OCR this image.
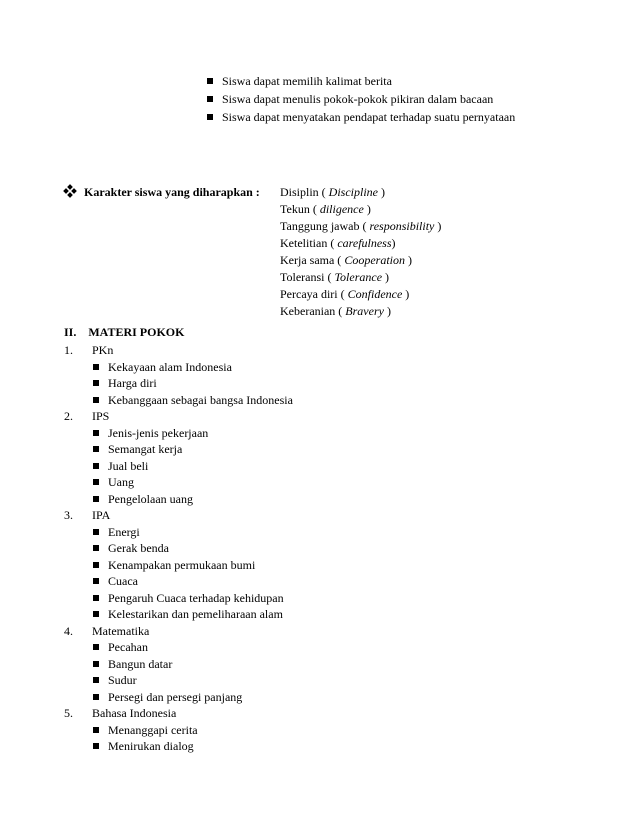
Siswa dapat memilih kalimat berita
Siswa dapat menulis pokok-pokok pikiran dalam bacaan
Siswa dapat menyatakan pendapat terhadap suatu pernyataan
Karakter siswa yang diharapkan : Disiplin ( Discipline )
Tekun ( diligence )
Tanggung jawab ( responsibility )
Ketelitian ( carefulness)
Kerja sama ( Cooperation )
Toleransi ( Tolerance )
Percaya diri ( Confidence )
Keberanian ( Bravery )
II. MATERI POKOK
1. PKn
Kekayaan alam Indonesia
Harga diri
Kebanggaan sebagai bangsa Indonesia
2. IPS
Jenis-jenis pekerjaan
Semangat kerja
Jual beli
Uang
Pengelolaan uang
3. IPA
Energi
Gerak benda
Kenampakan permukaan bumi
Cuaca
Pengaruh Cuaca terhadap kehidupan
Kelestarikan dan pemeliharaan alam
4. Matematika
Pecahan
Bangun datar
Sudur
Persegi dan persegi panjang
5. Bahasa Indonesia
Menanggapi cerita
Menirukan dialog
